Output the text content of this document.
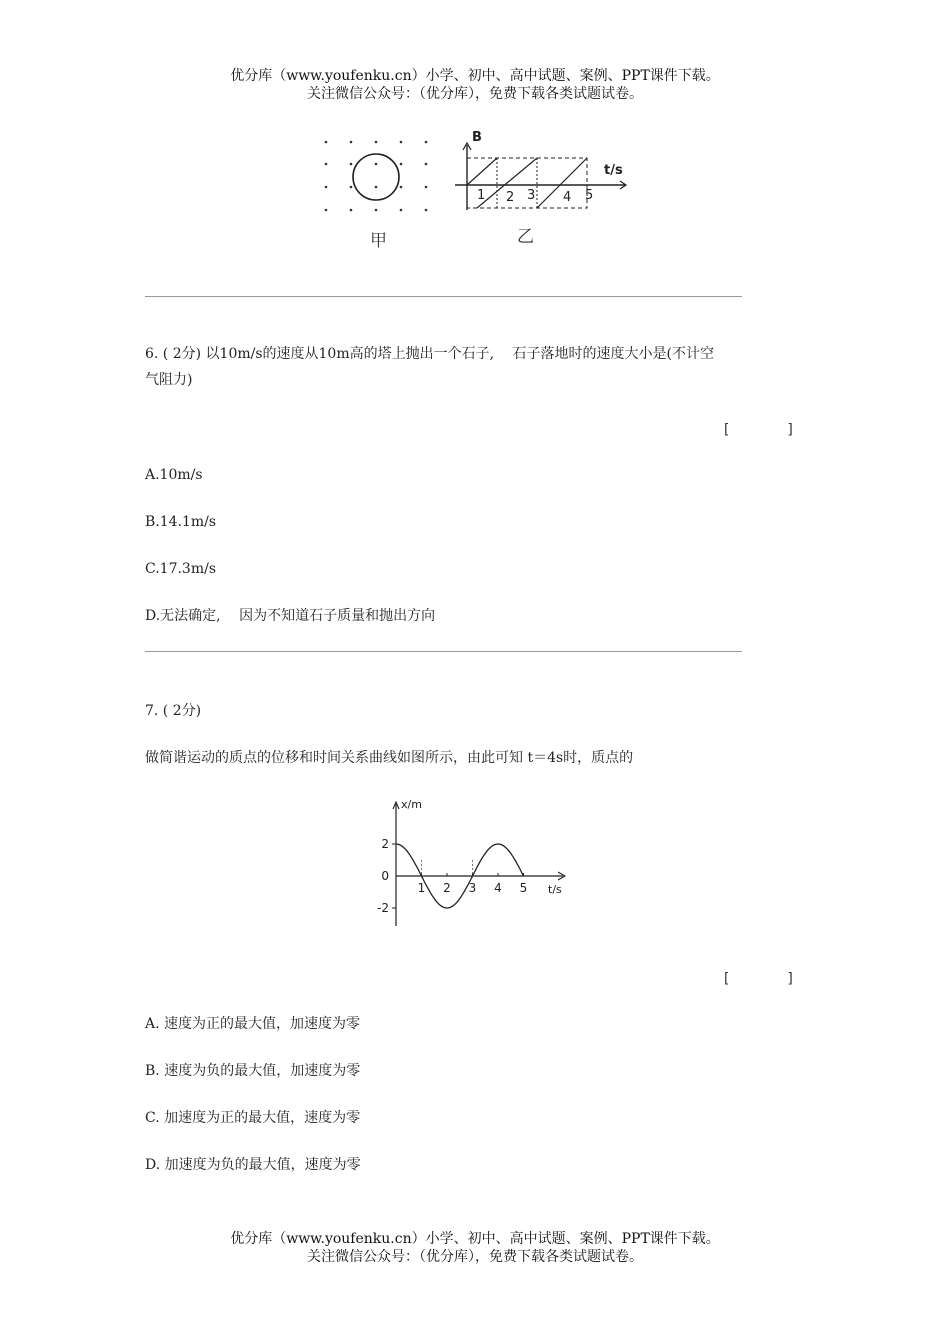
优分库（www.youfenku.cn）小学、初中、高中试题、案例、PPT课件下载。
关注微信公众号：（优分库），免费下载各类试题试卷。
甲
B
t/s
1 2 3 4 5
乙
6. ( 2分) 以10m/s的速度从10m高的塔上抛出一个石子, 　石子落地时的速度大小是(不计空
气阻力)
[　　　　]
A.10m/s
B.14.1m/s
C.17.3m/s
D.无法确定, 　因为不知道石子质量和抛出方向
7. ( 2分)
做简谐运动的质点的位移和时间关系曲线如图所示，由此可知 t＝4s时，质点的
x/m
t/s
2
0
-2
1 2 3 4 5
[　　　　]
A. 速度为正的最大值，加速度为零
B. 速度为负的最大值，加速度为零
C. 加速度为正的最大值，速度为零
D. 加速度为负的最大值，速度为零
优分库（www.youfenku.cn）小学、初中、高中试题、案例、PPT课件下载。
关注微信公众号：（优分库），免费下载各类试题试卷。
